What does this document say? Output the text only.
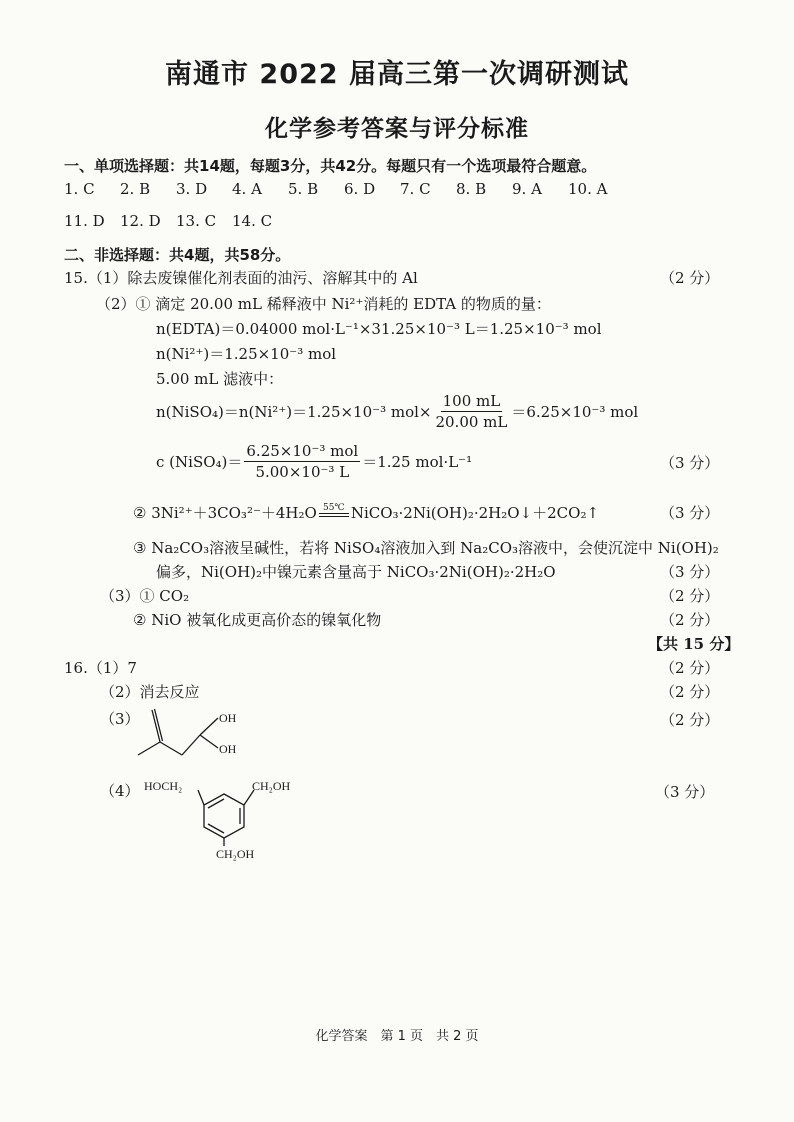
南通市 2022 届高三第一次调研测试
化学参考答案与评分标准
一、单项选择题：共14题，每题3分，共42分。每题只有一个选项最符合题意。
1. C 2. B 3. D 4. A 5. B 6. D 7. C 8. B 9. A 10. A
11. D 12. D 13. C 14. C
二、非选择题：共4题，共58分。
15.（1）除去废镍催化剂表面的油污、溶解其中的 Al	（2 分）
（2）① 滴定 20.00 mL 稀释液中 Ni²⁺消耗的 EDTA 的物质的量：
n(EDTA)＝0.04000 mol·L⁻¹×31.25×10⁻³ L＝1.25×10⁻³ mol
n(Ni²⁺)＝1.25×10⁻³ mol
5.00 mL 滤液中：
n(NiSO₄)＝n(Ni²⁺)＝1.25×10⁻³ $mol\times \frac{100 mL}{20.00 mL} =6.25\times 10^{-3}$ mol
c (NiSO₄)＝ $\frac{\text{6.25×10⁻³ mol}}{\text{5.00×10⁻³ L}} =1.25$ mol·L⁻¹	（3 分）
② 3Ni²⁺＋3CO₃²⁻＋4H₂O 55℃ NiCO₃·2Ni(OH)₂·2H₂O↓＋2CO₂↑	（3 分）
③ Na₂CO₃溶液呈碱性，若将 NiSO₄溶液加入到 Na₂CO₃溶液中，会使沉淀中 Ni(OH)₂
偏多，Ni(OH)₂中镍元素含量高于 NiCO₃·2Ni(OH)₂·2H₂O	（3 分）
（3）① CO₂	（2 分）
② NiO 被氧化成更高价态的镍氧化物	（2 分）
【共 15 分】
16.（1）7	（2 分）
（2）消去反应	（2 分）
（3）	（2 分）
OH
OH
（4）	（3 分）
HOCH₂	CH₂OH
CH₂OH
化学答案　第 1 页　共 2 页
